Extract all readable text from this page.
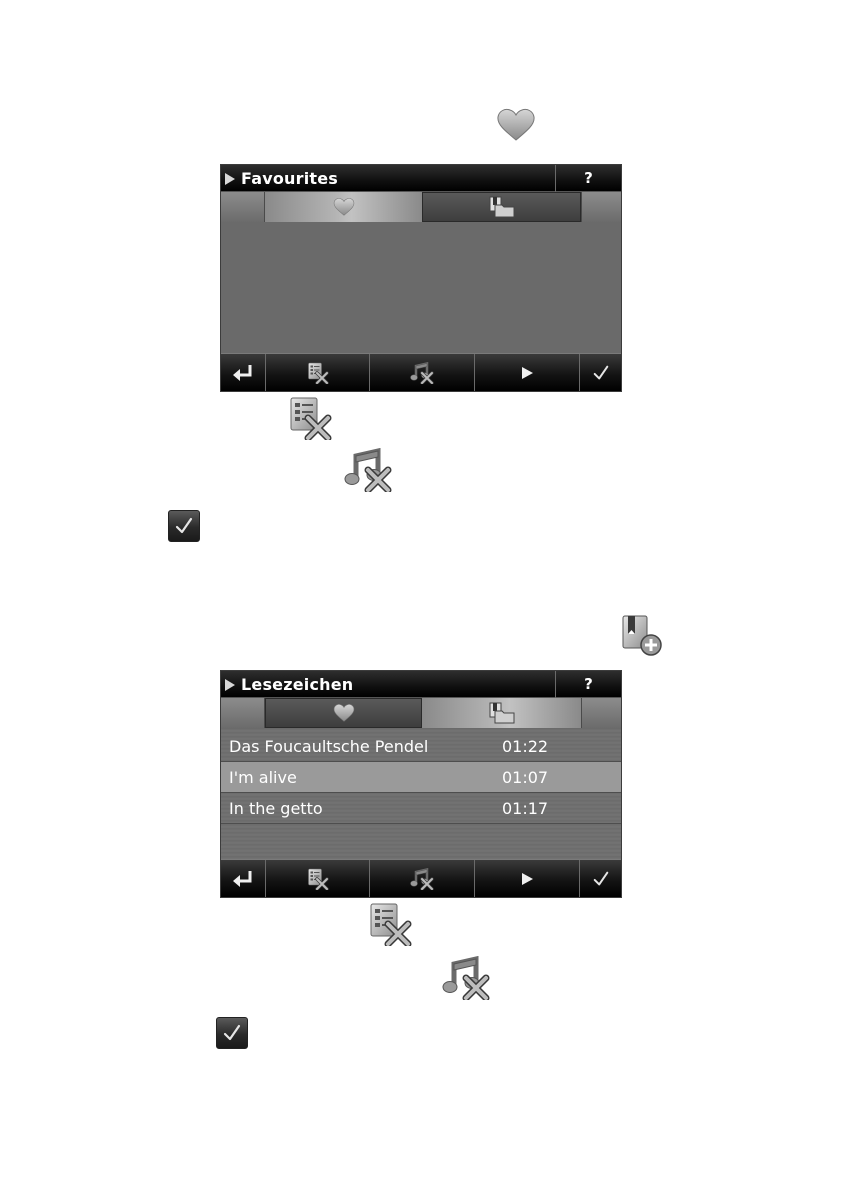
Favourites	?
Lesezeichen	?
Das Foucaultsche Pendel	01:22
I'm alive	01:07
In the getto	01:17
